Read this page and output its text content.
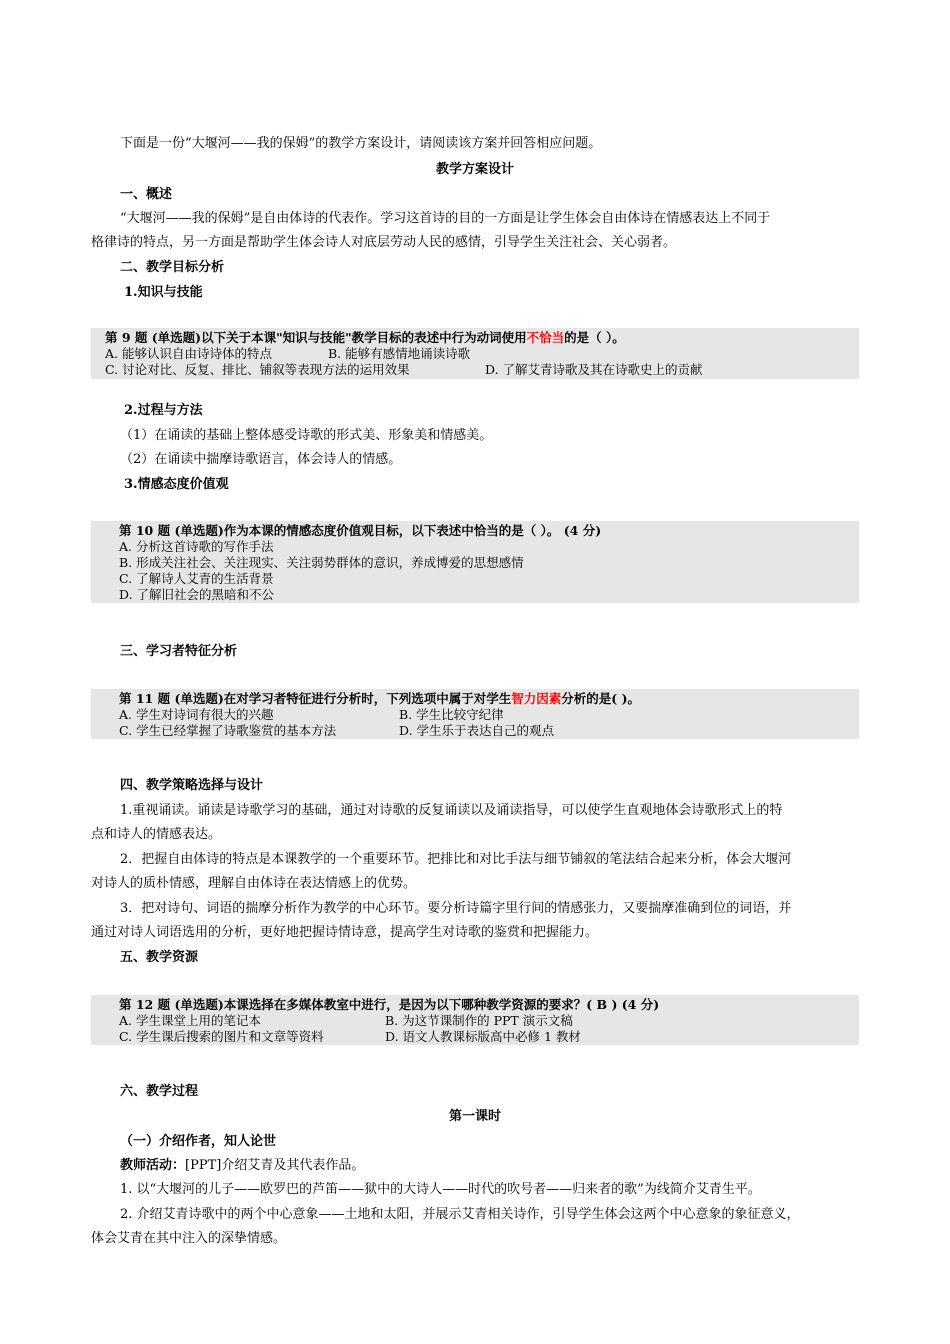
下面是一份“大堰河——我的保姆”的教学方案设计，请阅读该方案并回答相应问题。
教学方案设计
一、概述
“大堰河——我的保姆”是自由体诗的代表作。学习这首诗的目的一方面是让学生体会自由体诗在情感表达上不同于
格律诗的特点，另一方面是帮助学生体会诗人对底层劳动人民的感情，引导学生关注社会、关心弱者。
二、教学目标分析
1.知识与技能
第 9 题 (单选题)以下关于本课"知识与技能"教学目标的表述中行为动词使用不恰当的是（ ）。
A. 能够认识自由诗诗体的特点	B. 能够有感情地诵读诗歌
C. 讨论对比、反复、排比、铺叙等表现方法的运用效果	D. 了解艾青诗歌及其在诗歌史上的贡献
2.过程与方法
（1）在诵读的基础上整体感受诗歌的形式美、形象美和情感美。
（2）在诵读中揣摩诗歌语言，体会诗人的情感。
3.情感态度价值观
第 10 题 (单选题)作为本课的情感态度价值观目标，以下表述中恰当的是（ ）。 (4 分)
A. 分析这首诗歌的写作手法
B. 形成关注社会、关注现实、关注弱势群体的意识，养成博爱的思想感情
C. 了解诗人艾青的生活背景
D. 了解旧社会的黑暗和不公
三、学习者特征分析
第 11 题 (单选题)在对学习者特征进行分析时，下列选项中属于对学生智力因素分析的是( )。
A. 学生对诗词有很大的兴趣	B. 学生比较守纪律
C. 学生已经掌握了诗歌鉴赏的基本方法	D. 学生乐于表达自己的观点
四、教学策略选择与设计
1.重视诵读。诵读是诗歌学习的基础，通过对诗歌的反复诵读以及诵读指导，可以使学生直观地体会诗歌形式上的特
点和诗人的情感表达。
2．把握自由体诗的特点是本课教学的一个重要环节。把排比和对比手法与细节铺叙的笔法结合起来分析，体会大堰河
对诗人的质朴情感，理解自由体诗在表达情感上的优势。
3．把对诗句、词语的揣摩分析作为教学的中心环节。要分析诗篇字里行间的情感张力，又要揣摩准确到位的词语，并
通过对诗人词语选用的分析，更好地把握诗情诗意，提高学生对诗歌的鉴赏和把握能力。
五、教学资源
第 12 题 (单选题)本课选择在多媒体教室中进行，是因为以下哪种教学资源的要求？( B ) (4 分)
A. 学生课堂上用的笔记本	B. 为这节课制作的 PPT 演示文稿
C. 学生课后搜索的图片和文章等资料	D. 语文人教课标版高中必修 1 教材
六、教学过程
第一课时
（一）介绍作者，知人论世
教师活动：[PPT]介绍艾青及其代表作品。
1. 以“大堰河的儿子——欧罗巴的芦笛——狱中的大诗人——时代的吹号者——归来者的歌”为线简介艾青生平。
2. 介绍艾青诗歌中的两个中心意象——土地和太阳，并展示艾青相关诗作，引导学生体会这两个中心意象的象征意义，
体会艾青在其中注入的深挚情感。
